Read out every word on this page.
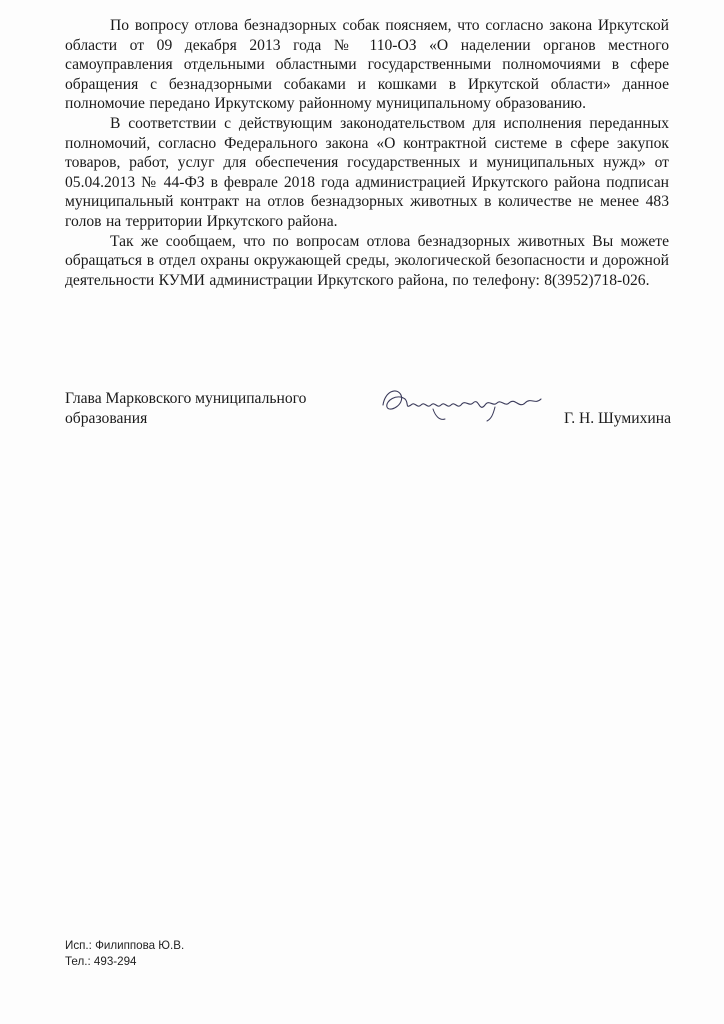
По вопросу отлова безнадзорных собак поясняем, что согласно закона Иркутской области от 09 декабря 2013 года № 110-ОЗ «О наделении органов местного самоуправления отдельными областными государственными полномочиями в сфере обращения с безнадзорными собаками и кошками в Иркутской области» данное полномочие передано Иркутскому районному муниципальному образованию.

В соответствии с действующим законодательством для исполнения переданных полномочий, согласно Федерального закона «О контрактной системе в сфере закупок товаров, работ, услуг для обеспечения государственных и муниципальных нужд» от 05.04.2013 № 44-ФЗ в феврале 2018 года администрацией Иркутского района подписан муниципальный контракт на отлов безнадзорных животных в количестве не менее 483 голов на территории Иркутского района.

Так же сообщаем, что по вопросам отлова безнадзорных животных Вы можете обращаться в отдел охраны окружающей среды, экологической безопасности и дорожной деятельности КУМИ администрации Иркутского района, по телефону: 8(3952)718-026.

Глава Марковского муниципального образования	Г. Н. Шумихина
Исп.: Филиппова Ю.В.
Тел.: 493-294
